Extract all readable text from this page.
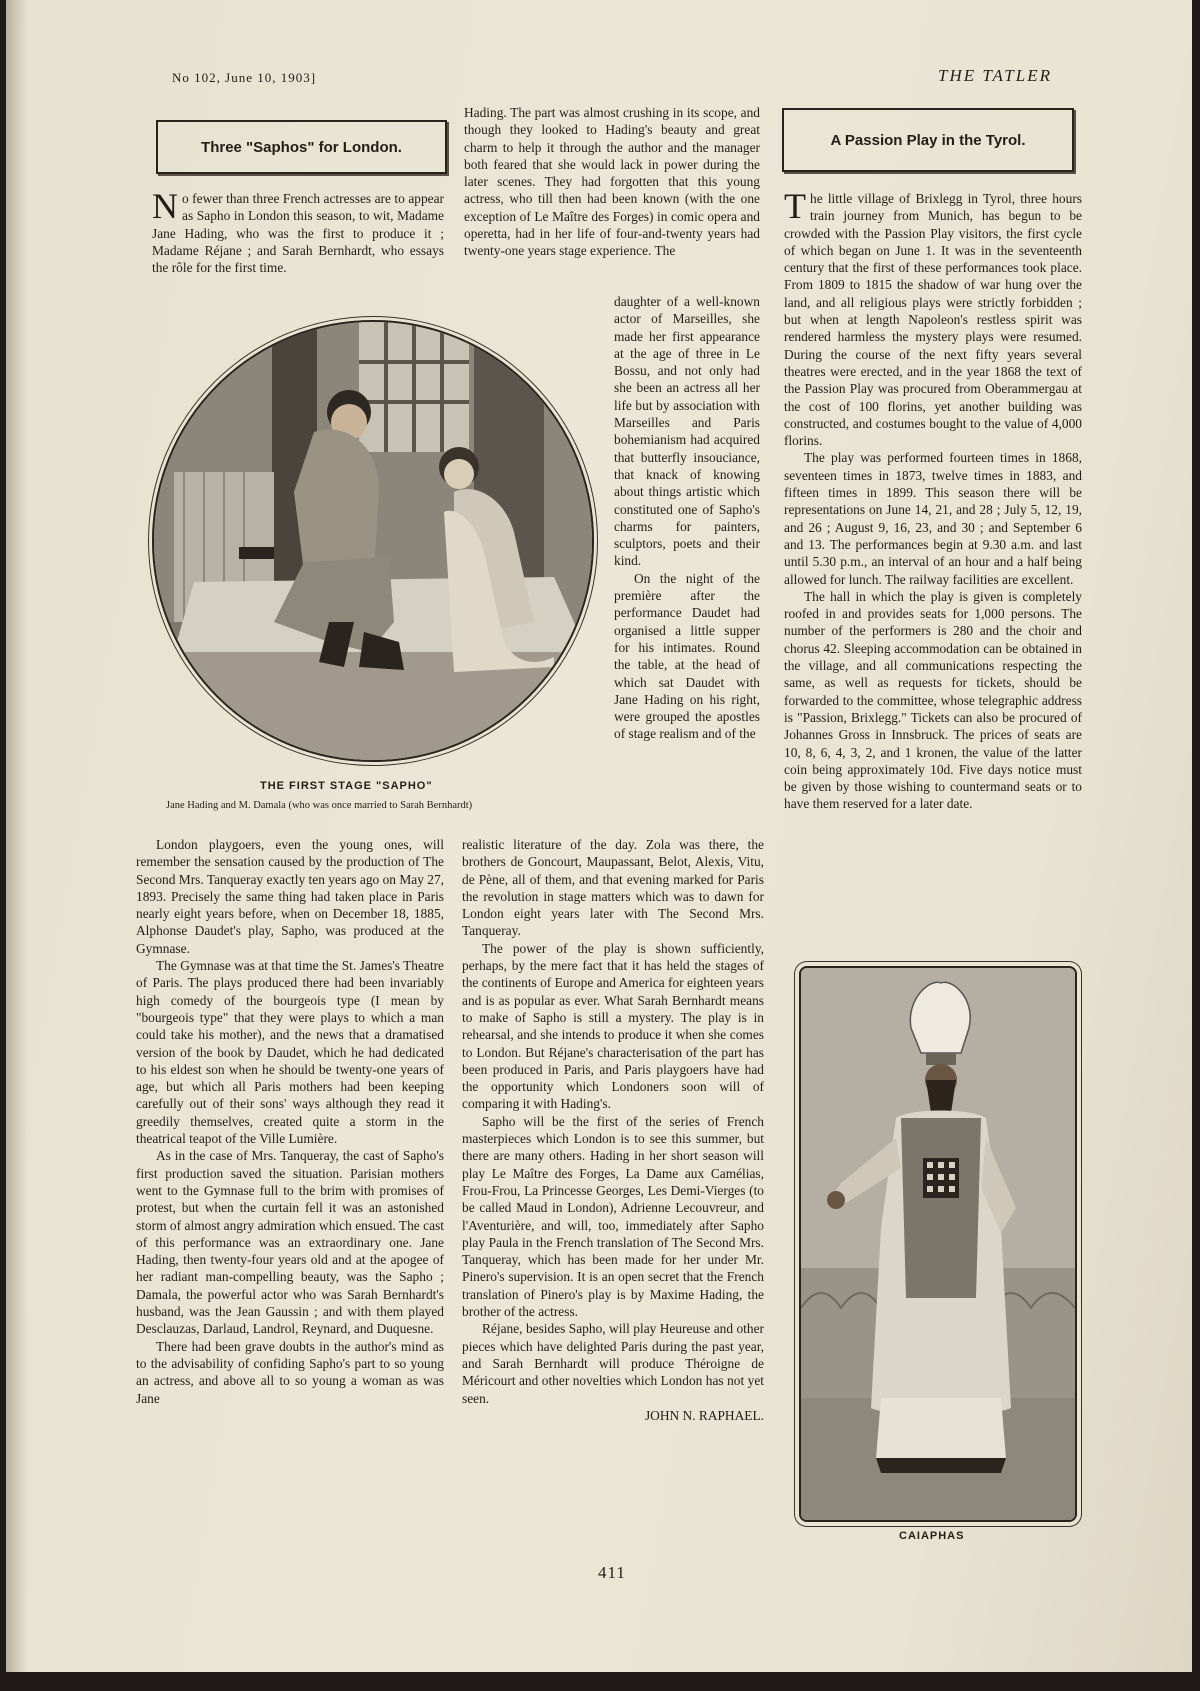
No 102, June 10, 1903]	THE TATLER
Three "Saphos" for London.

No fewer than three French actresses are to appear as Sapho in London this season, to wit, Madame Jane Hading, who was the first to produce it ; Madame Réjane ; and Sarah Bernhardt, who essays the rôle for the first time.

THE FIRST STAGE "SAPHO"
Jane Hading and M. Damala (who was once married to Sarah Bernhardt)

Hading. The part was almost crushing in its scope, and though they looked to Hading's beauty and great charm to help it through the author and the manager both feared that she would lack in power during the later scenes. They had forgotten that this young actress, who till then had been known (with the one exception of Le Maître des Forges) in comic opera and operetta, had in her life of four-and-twenty years had twenty-one years stage experience. The

daughter of a well-known actor of Marseilles, she made her first appearance at the age of three in Le Bossu, and not only had she been an actress all her life but by association with Marseilles and Paris bohemianism had acquired that butterfly insouciance, that knack of knowing about things artistic which constituted one of Sapho's charms for painters, sculptors, poets and their kind.

On the night of the première after the performance Daudet had organised a little supper for his intimates. Round the table, at the head of which sat Daudet with Jane Hading on his right, were grouped the apostles of stage realism and of the

London playgoers, even the young ones, will remember the sensation caused by the production of The Second Mrs. Tanqueray exactly ten years ago on May 27, 1893. Precisely the same thing had taken place in Paris nearly eight years before, when on December 18, 1885, Alphonse Daudet's play, Sapho, was produced at the Gymnase.

The Gymnase was at that time the St. James's Theatre of Paris. The plays produced there had been invariably high comedy of the bourgeois type (I mean by "bourgeois type" that they were plays to which a man could take his mother), and the news that a dramatised version of the book by Daudet, which he had dedicated to his eldest son when he should be twenty-one years of age, but which all Paris mothers had been keeping carefully out of their sons' ways although they read it greedily themselves, created quite a storm in the theatrical teapot of the Ville Lumière.

As in the case of Mrs. Tanqueray, the cast of Sapho's first production saved the situation. Parisian mothers went to the Gymnase full to the brim with promises of protest, but when the curtain fell it was an astonished storm of almost angry admiration which ensued. The cast of this performance was an extraordinary one. Jane Hading, then twenty-four years old and at the apogee of her radiant man-compelling beauty, was the Sapho ; Damala, the powerful actor who was Sarah Bernhardt's husband, was the Jean Gaussin ; and with them played Desclauzas, Darlaud, Landrol, Reynard, and Duquesne.

There had been grave doubts in the author's mind as to the advisability of confiding Sapho's part to so young an actress, and above all to so young a woman as was Jane

realistic literature of the day. Zola was there, the brothers de Goncourt, Maupassant, Belot, Alexis, Vitu, de Pène, all of them, and that evening marked for Paris the revolution in stage matters which was to dawn for London eight years later with The Second Mrs. Tanqueray.

The power of the play is shown sufficiently, perhaps, by the mere fact that it has held the stages of the continents of Europe and America for eighteen years and is as popular as ever. What Sarah Bernhardt means to make of Sapho is still a mystery. The play is in rehearsal, and she intends to produce it when she comes to London. But Réjane's characterisation of the part has been produced in Paris, and Paris playgoers have had the opportunity which Londoners soon will of comparing it with Hading's.

Sapho will be the first of the series of French masterpieces which London is to see this summer, but there are many others. Hading in her short season will play Le Maître des Forges, La Dame aux Camélias, Frou-Frou, La Princesse Georges, Les Demi-Vierges (to be called Maud in London), Adrienne Lecouvreur, and l'Aventurière, and will, too, immediately after Sapho play Paula in the French translation of The Second Mrs. Tanqueray, which has been made for her under Mr. Pinero's supervision. It is an open secret that the French translation of Pinero's play is by Maxime Hading, the brother of the actress.

Réjane, besides Sapho, will play Heureuse and other pieces which have delighted Paris during the past year, and Sarah Bernhardt will produce Théroigne de Méricourt and other novelties which London has not yet seen.

JOHN N. RAPHAEL.
A Passion Play in the Tyrol.

The little village of Brixlegg in Tyrol, three hours train journey from Munich, has begun to be crowded with the Passion Play visitors, the first cycle of which began on June 1. It was in the seventeenth century that the first of these performances took place. From 1809 to 1815 the shadow of war hung over the land, and all religious plays were strictly forbidden ; but when at length Napoleon's restless spirit was rendered harmless the mystery plays were resumed. During the course of the next fifty years several theatres were erected, and in the year 1868 the text of the Passion Play was procured from Oberammergau at the cost of 100 florins, yet another building was constructed, and costumes bought to the value of 4,000 florins.

The play was performed fourteen times in 1868, seventeen times in 1873, twelve times in 1883, and fifteen times in 1899. This season there will be representations on June 14, 21, and 28 ; July 5, 12, 19, and 26 ; August 9, 16, 23, and 30 ; and September 6 and 13. The performances begin at 9.30 a.m. and last until 5.30 p.m., an interval of an hour and a half being allowed for lunch. The railway facilities are excellent.

The hall in which the play is given is completely roofed in and provides seats for 1,000 persons. The number of the performers is 280 and the choir and chorus 42. Sleeping accommodation can be obtained in the village, and all communications respecting the same, as well as requests for tickets, should be forwarded to the committee, whose telegraphic address is "Passion, Brixlegg." Tickets can also be procured of Johannes Gross in Innsbruck. The prices of seats are 10, 8, 6, 4, 3, 2, and 1 kronen, the value of the latter coin being approximately 10d. Five days notice must be given by those wishing to countermand seats or to have them reserved for a later date.

CAIAPHAS
411
